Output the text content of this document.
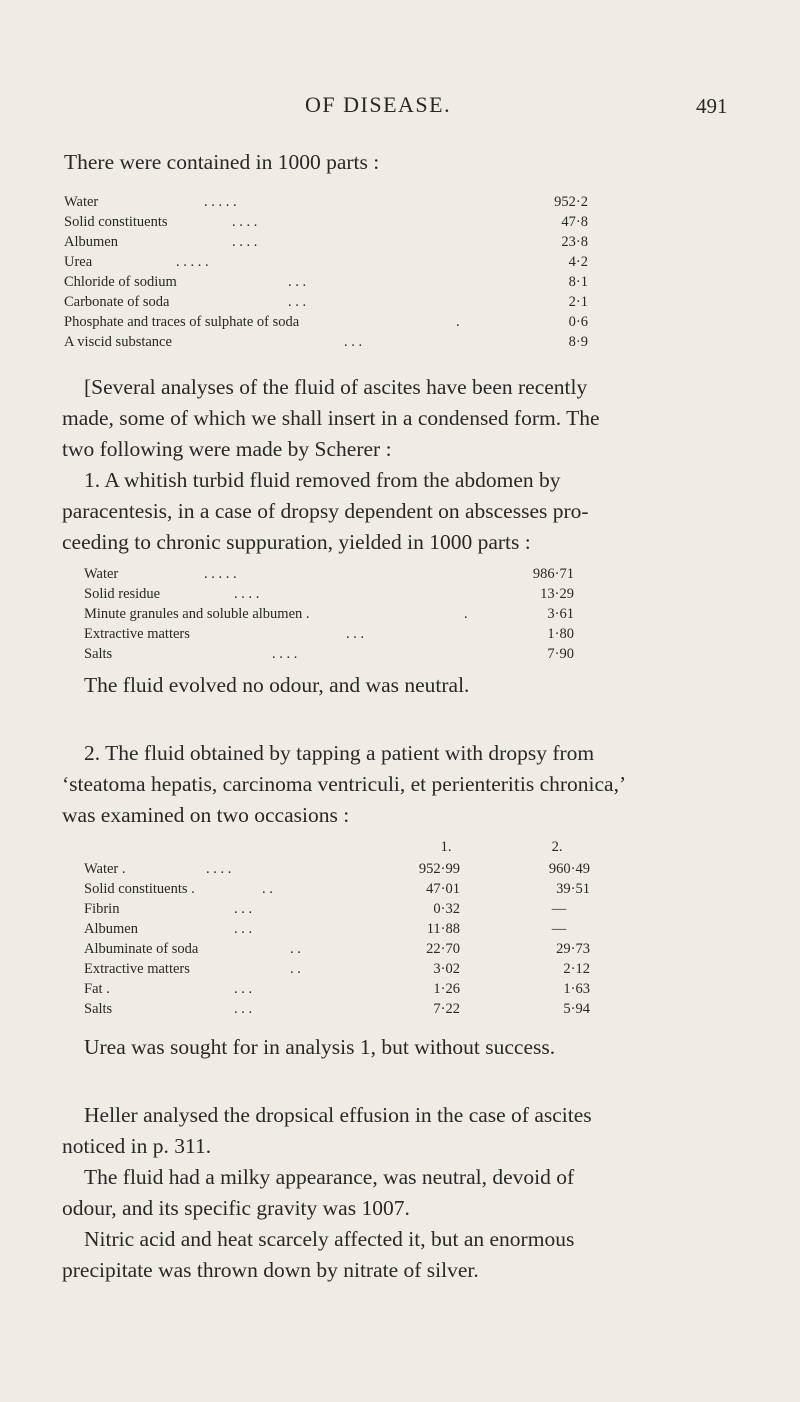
OF DISEASE.	491

There were contained in 1000 parts :

Water	. . . . .	952·2
Solid constituents	. . . .	47·8
Albumen	. . . .	23·8
Urea	. . . . .	4·2
Chloride of sodium	. . .	8·1
Carbonate of soda	. . .	2·1
Phosphate and traces of sulphate of soda	.	0·6
A viscid substance	. . .	8·9
[Several analyses of the fluid of ascites have been recently
made, some of which we shall insert in a condensed form. The
two following were made by Scherer :
1. A whitish turbid fluid removed from the abdomen by
paracentesis, in a case of dropsy dependent on abscesses pro-
ceeding to chronic suppuration, yielded in 1000 parts :
Water	. . . . .	986·71
Solid residue	. . . .	13·29
Minute granules and soluble albumen .	.	3·61
Extractive matters	. . .	1·80
Salts	. . . .	7·90

The fluid evolved no odour, and was neutral.

2. The fluid obtained by tapping a patient with dropsy from
‘steatoma hepatis, carcinoma ventriculi, et perienteritis chronica,’
was examined on two occasions :
1.	2.
Water .	. . . .	952·99	960·49
Solid constituents .	. .	47·01	39·51
Fibrin	. . .	0·32	—
Albumen	. . .	11·88	—
Albuminate of soda	. .	22·70	29·73
Extractive matters	. .	3·02	2·12
Fat .	. . .	1·26	1·63
Salts	. . .	7·22	5·94

Urea was sought for in analysis 1, but without success.

Heller analysed the dropsical effusion in the case of ascites
noticed in p. 311.
The fluid had a milky appearance, was neutral, devoid of
odour, and its specific gravity was 1007.
Nitric acid and heat scarcely affected it, but an enormous
precipitate was thrown down by nitrate of silver.
